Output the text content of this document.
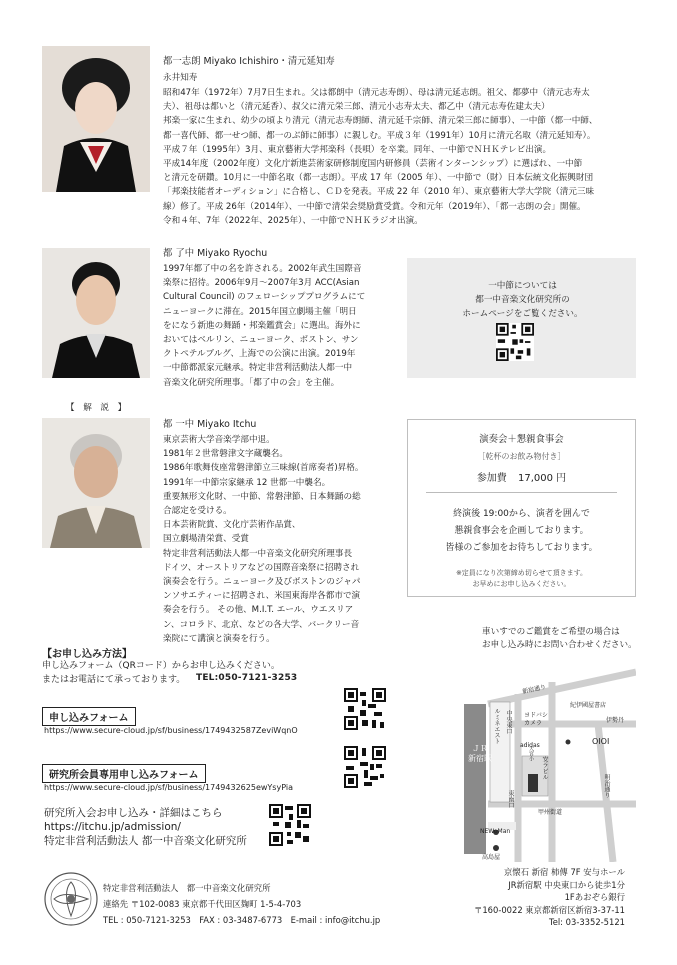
都一志朗 Miyako Ichishiro・清元延知寿
永井知寿
昭和47年（1972年）7月7日生まれ。父は都朗中（清元志寿朗）、母は清元延志朗。祖父、都夢中（清元志寿太
夫）、祖母は都いと（清元延香）、叔父に清元栄三郎、清元小志寿太夫、都乙中（清元志寿佐建太夫）
邦楽一家に生まれ、幼少の頃より清元（清元志寿朗師、清元延千宗師、清元栄三郎に師事）、一中節（都一中師、
都一喜代師、都一せつ師、都一のぶ師に師事）に親しむ。平成３年（1991年）10月に清元名取（清元延知寿）。
平成７年（1995年）3月、東京藝術大学邦楽科（長唄）を卒業。同年、一中節でＮＨＫテレビ出演。
平成14年度（2002年度）文化庁新進芸術家研修制度国内研修員（芸術インターンシップ）に選ばれ、一中節
と清元を研鑽。10月に一中節名取（都一志朗）。平成 17 年（2005 年）、一中節で（財）日本伝統文化振興財団
「邦楽技能者オーディション」に合格し、ＣＤを発表。平成 22 年（2010 年）、東京藝術大学大学院（清元三味
線）修了。平成 26年（2014年）、一中節で清栄会奨励賞受賞。令和元年（2019年）、「都一志朗の会」開催。
令和４年、7年（2022年、2025年）、一中節でＮＨＫラジオ出演。
都 了中 Miyako Ryochu
1997年都了中の名を許される。2002年武生国際音
楽祭に招待。2006年9月～2007年3月 ACC(Asian
Cultural Council) のフェローシッププログラムにて
ニューヨークに滞在。2015年国立劇場主催「明日
をになう新進の舞踊・邦楽鑑賞会」に選出。海外に
おいてはベルリン、ニューヨーク、ボストン、サン
クトペテルブルグ、上海での公演に出演。2019年
一中節都派家元継承。特定非営利活動法人都一中
音楽文化研究所理事。「都了中の会」を主催。
一中節については
都一中音楽文化研究所の
ホームページをご覧ください。
【　解　説　】
都 一中 Miyako Itchu
東京芸術大学音楽学部中退。
1981年２世常磐津文字蔵襲名。
1986年歌舞伎座常磐津節立三味線(首席奏者)昇格。
1991年一中節宗家継承 12 世都一中襲名。
重要無形文化財、一中節、常磐津節、日本舞踊の総
合認定を受ける。
日本芸術院賞、文化庁芸術作品賞、
国立劇場清栄賞、受賞
特定非営利活動法人都一中音楽文化研究所理事長
ドイツ、オーストリアなどの国際音楽祭に招聘され
演奏会を行う。ニューヨーク及びボストンのジャパ
ンソサエティーに招聘され、米国東海岸各都市で演
奏会を行う。 その他、M.I.T. エール、ウエスリア
ン、コロラド、北京、などの各大学、バークリー音
楽院にて講演と演奏を行う。
演奏会＋懇親食事会
［乾杯のお飲み物付き］
参加費 17,000 円
終演後 19:00から、演者を囲んで
懇親食事会を企画しております。
皆様のご参加をお待ちしております。
※定員になり次第締め切らせて頂きます。
お早めにお申し込みください。
【お申し込み方法】
申し込みフォーム（QRコード）からお申し込みください。
またはお電話にて承っております。	TEL:050-7121-3253
申し込みフォーム
https://www.secure-cloud.jp/sf/business/1749432587ZeviWqnO
研究所会員専用申し込みフォーム
https://www.secure-cloud.jp/sf/business/1749432625ewYsyPia
研究所入会お申し込み・詳細はこちら
https://itchu.jp/admission/
特定非営利活動法人 都一中音楽文化研究所
特定非営利活動法人　都一中音楽文化研究所
連絡先 〒102-0083 東京都千代田区麹町 1-5-4-703
TEL : 050-7121-3253　FAX : 03-3487-6773　E-mail : info@itchu.jp
車いすでのご鑑賞をご希望の場合は
お申し込み時にお問い合わせください。
新宿通り
紀伊國屋書店
伊勢丹
OIOI
ヨドバシ
カメラ
adidas
ルミネエスト 中央東口
ＪＲ
新宿駅	安ラビル
東南口
甲州街道
明治通り
大宮小
NEWoMan
高島屋
京懐石 新宿 柿傳 7F 安与ホール
JR新宿駅 中央東口から徒歩1分
1Fあおぞら銀行
〒160-0022 東京都新宿区新宿3-37-11
Tel: 03-3352-5121
